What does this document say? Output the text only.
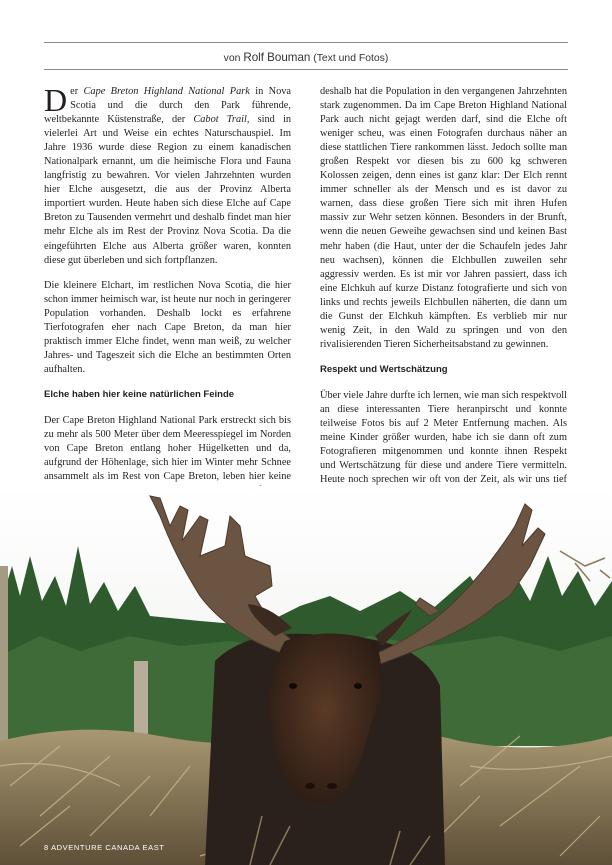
von Rolf Bouman (Text und Fotos)

Der Cape Breton Highland National Park in Nova Scotia und die durch den Park führende, weltbekannte Küstenstraße, der Cabot Trail, sind in vielerlei Art und Weise ein echtes Naturschauspiel. Im Jahre 1936 wurde diese Region zu einem kanadischen Nationalpark ernannt, um die heimische Flora und Fauna langfristig zu bewahren. Vor vielen Jahrzehnten wurden hier Elche ausgesetzt, die aus der Provinz Alberta importiert wurden. Heute haben sich diese Elche auf Cape Breton zu Tausenden vermehrt und deshalb findet man hier mehr Elche als im Rest der Provinz Nova Scotia. Da die eingeführten Elche aus Alberta größer waren, konnten diese gut überleben und sich fortpflanzen.

Die kleinere Elchart, im restlichen Nova Scotia, die hier schon immer heimisch war, ist heute nur noch in geringerer Population vorhanden. Deshalb lockt es erfahrene Tierfotografen eher nach Cape Breton, da man hier praktisch immer Elche findet, wenn man weiß, zu welcher Jahres- und Tageszeit sich die Elche an bestimmten Orten aufhalten.

Elche haben hier keine natürlichen Feinde

Der Cape Breton Highland National Park erstreckt sich bis zu mehr als 500 Meter über dem Meeresspiegel im Norden von Cape Breton entlang hoher Hügelketten und da, aufgrund der Höhenlage, sich hier im Winter mehr Schnee ansammelt als im Rest von Cape Breton, leben hier keine

deshalb hat die Population in den vergangenen Jahrzehnten stark zugenommen. Da im Cape Breton Highland National Park auch nicht gejagt werden darf, sind die Elche oft weniger scheu, was einen Fotografen durchaus näher an diese stattlichen Tiere rankommen lässt. Jedoch sollte man großen Respekt vor diesen bis zu 600 kg schweren Kolossen zeigen, denn eines ist ganz klar: Der Elch rennt immer schneller als der Mensch und es ist davor zu warnen, dass diese großen Tiere sich mit ihren Hufen massiv zur Wehr setzen können. Besonders in der Brunft, wenn die neuen Geweihe gewachsen sind und keinen Bast mehr haben (die Haut, unter der die Schaufeln jedes Jahr neu wachsen), können die Elchbullen zuweilen sehr aggressiv werden. Es ist mir vor Jahren passiert, dass ich eine Elchkuh auf kurze Distanz fotografierte und sich von links und rechts jeweils Elchbullen näherten, die dann um die Gunst der Elchkuh kämpften. Es verblieb mir nur wenig Zeit, in den Wald zu springen und von den rivalisierenden Tieren Sicherheitsabstand zu gewinnen.

Respekt und Wertschätzung

Über viele Jahre durfte ich lernen, wie man sich respektvoll an diese interessanten Tiere heranpirscht und konnte teilweise Fotos bis auf 2 Meter Entfernung machen. Als meine Kinder größer wurden, habe ich sie dann oft zum Fotografieren mitgenommen und konnte ihnen Respekt und Wertschätzung für diese und andere Tiere vermitteln. Heute noch sprechen wir oft von der Zeit, als wir uns tief

8 ADVENTURE CANADA EAST
